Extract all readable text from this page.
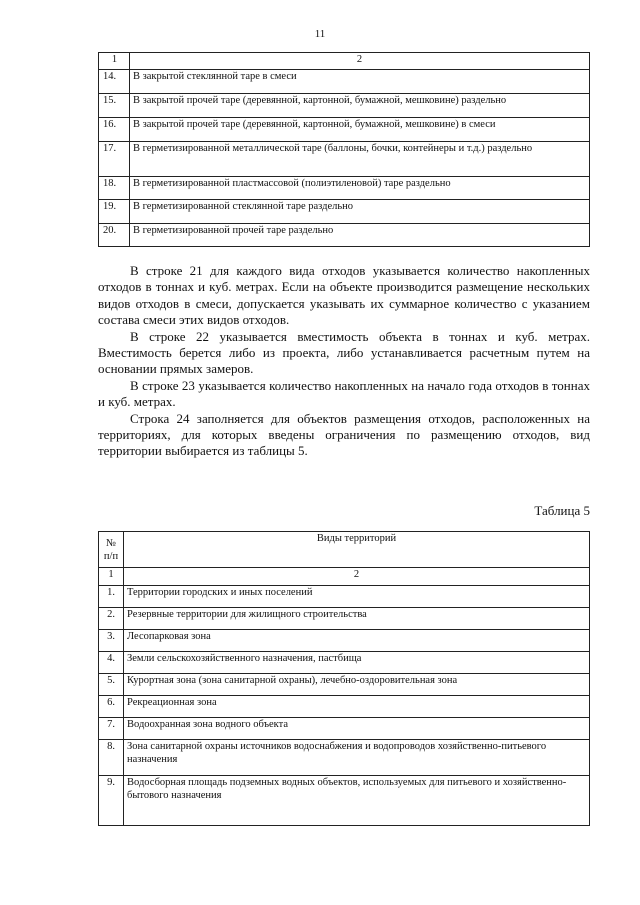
11
1	2
14.	В закрытой стеклянной таре в смеси
15.	В закрытой прочей таре (деревянной, картонной, бумажной, мешковине) раздельно
16.	В закрытой прочей таре (деревянной, картонной, бумажной, мешковине) в смеси
17.	В герметизированной металлической таре (баллоны, бочки, контейнеры и т.д.) раздельно
18.	В герметизированной пластмассовой (полиэтиленовой) таре раздельно
19.	В герметизированной стеклянной таре раздельно
20.	В герметизированной прочей таре раздельно

В строке 21 для каждого вида отходов указывается количество накопленных отходов в тоннах и куб. метрах. Если на объекте производится размещение нескольких видов отходов в смеси, допускается указывать их суммарное количество с указанием состава смеси этих видов отходов.

В строке 22 указывается вместимость объекта в тоннах и куб. метрах. Вместимость берется либо из проекта, либо устанавливается расчетным путем на основании прямых замеров.

В строке 23 указывается количество накопленных на начало года отходов в тоннах и куб. метрах.

Строка 24 заполняется для объектов размещения отходов, расположенных на территориях, для которых введены ограничения по размещению отходов, вид территории выбирается из таблицы 5.

Таблица 5
№ п/п	Виды территорий
1	2
1.	Территории городских и иных поселений
2.	Резервные территории для жилищного строительства
3.	Лесопарковая зона
4.	Земли сельскохозяйственного назначения, пастбища
5.	Курортная зона (зона санитарной охраны), лечебно-оздоровительная зона
6.	Рекреационная зона
7.	Водоохранная зона водного объекта
8.	Зона санитарной охраны источников водоснабжения и водопроводов хозяйственно-питьевого назначения
9.	Водосборная площадь подземных водных объектов, используемых для питьевого и хозяйственно-бытового назначения
